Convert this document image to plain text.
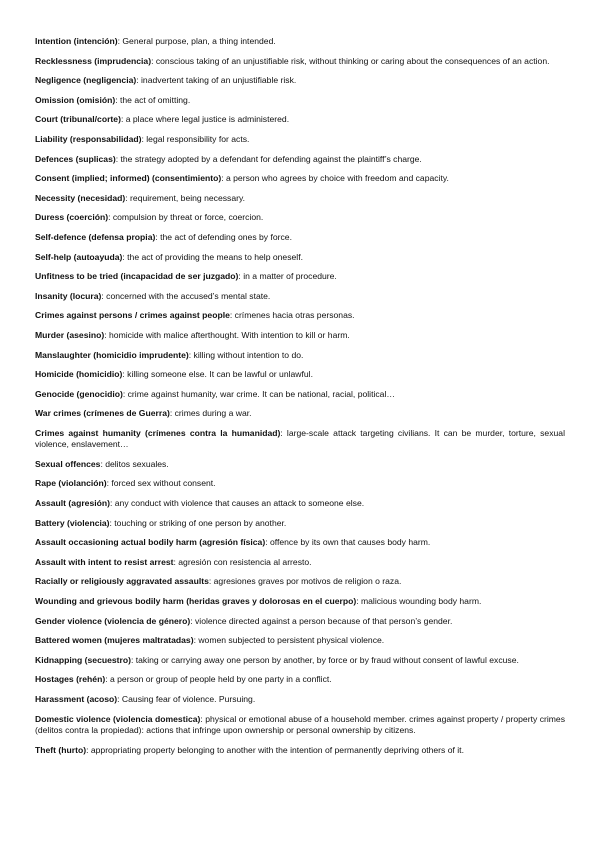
Intention (intención): General purpose, plan, a thing intended.

Recklessness (imprudencia): conscious taking of an unjustifiable risk, without thinking or caring about the consequences of an action.

Negligence (negligencia): inadvertent taking of an unjustifiable risk.

Omission (omisión): the act of omitting.

Court (tribunal/corte): a place where legal justice is administered.

Liability (responsabilidad): legal responsibility for acts.

Defences (suplicas): the strategy adopted by a defendant for defending against the plaintiff’s charge.

Consent (implied; informed) (consentimiento): a person who agrees by choice with freedom and capacity.

Necessity (necesidad): requirement, being necessary.

Duress (coerción): compulsion by threat or force, coercion.

Self-defence (defensa propia): the act of defending ones by force.

Self-help (autoayuda): the act of providing the means to help oneself.

Unfitness to be tried (incapacidad de ser juzgado): in a matter of procedure.

Insanity (locura): concerned with the accused’s mental state.

Crimes against persons / crimes against people: crímenes hacia otras personas.

Murder (asesino): homicide with malice afterthought. With intention to kill or harm.

Manslaughter (homicidio imprudente): killing without intention to do.

Homicide (homicidio): killing someone else. It can be lawful or unlawful.

Genocide (genocidio): crime against humanity, war crime. It can be national, racial, political…

War crimes (crímenes de Guerra): crimes during a war.

Crimes against humanity (crímenes contra la humanidad): large-scale attack targeting civilians. It can be murder, torture, sexual violence, enslavement…

Sexual offences: delitos sexuales.

Rape (violanción): forced sex without consent.

Assault (agresión): any conduct with violence that causes an attack to someone else.

Battery (violencia): touching or striking of one person by another.

Assault occasioning actual bodily harm (agresión física): offence by its own that causes body harm.

Assault with intent to resist arrest: agresión con resistencia al arresto.

Racially or religiously aggravated assaults: agresiones graves por motivos de religion o raza.

Wounding and grievous bodily harm (heridas graves y dolorosas en el cuerpo): malicious wounding body harm.

Gender violence (violencia de género): violence directed against a person because of that person’s gender.

Battered women (mujeres maltratadas): women subjected to persistent physical violence.

Kidnapping (secuestro): taking or carrying away one person by another, by force or by fraud without consent of lawful excuse.

Hostages (rehén): a person or group of people held by one party in a conflict.

Harassment (acoso): Causing fear of violence. Pursuing.

Domestic violence (violencia domestica): physical or emotional abuse of a household member. crimes against property / property crimes (delitos contra la propiedad): actions that infringe upon ownership or personal ownership by citizens.

Theft (hurto): appropriating property belonging to another with the intention of permanently depriving others of it.
